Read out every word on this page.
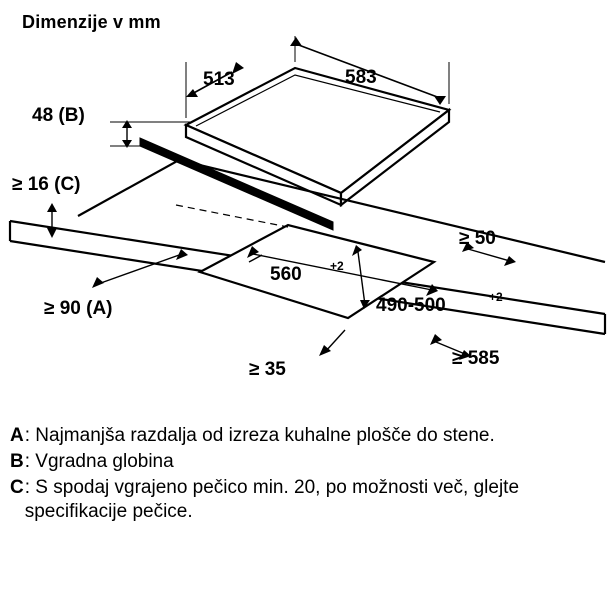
Dimenzije v mm
513	583
48 (B)
≥ 16 (C)
560 +2
490-500	+2
≥ 90 (A)
≥ 35
≥ 50
≥ 585
A : Najmanjša razdalja od izreza kuhalne plošče do stene.
B : Vgradna globina
C : S spodaj vgrajeno pečico min. 20, po možnosti več, glejte specifikacije pečice.
